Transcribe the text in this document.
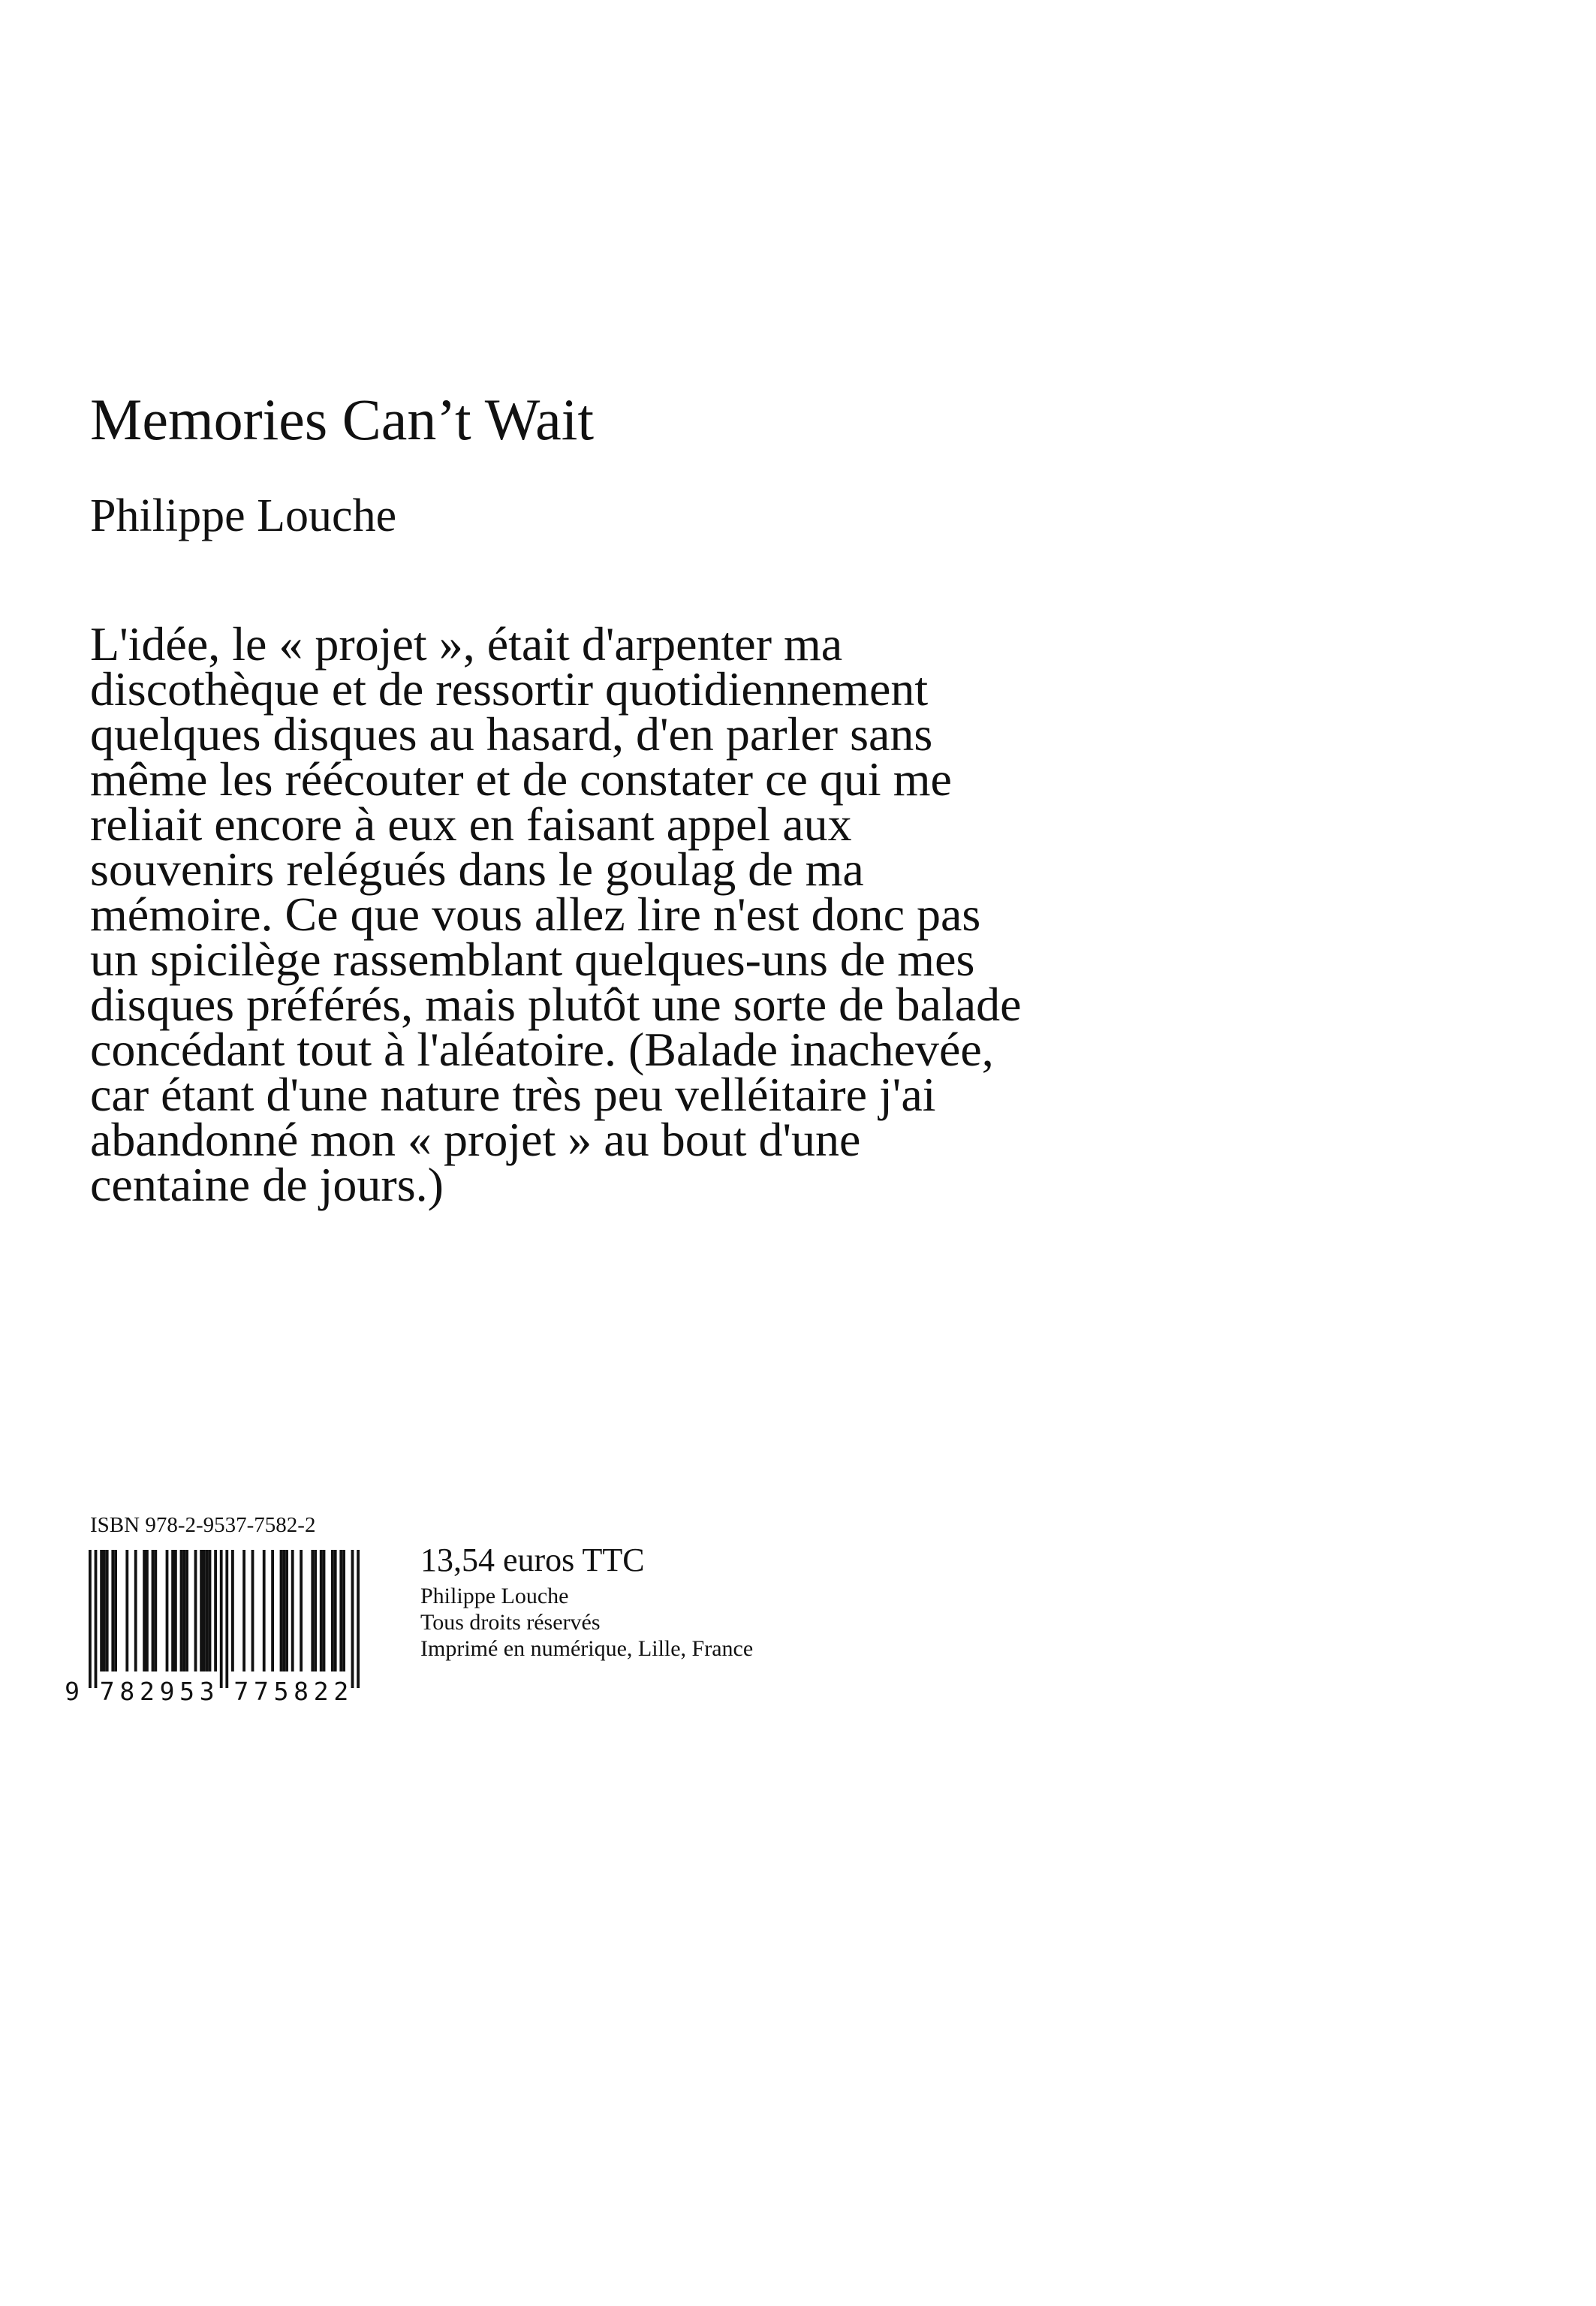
Memories Can’t Wait
Philippe Louche
L'idée, le « projet », était d'arpenter ma
discothèque et de ressortir quotidiennement
quelques disques au hasard, d'en parler sans
même les réécouter et de constater ce qui me
reliait encore à eux en faisant appel aux
souvenirs relégués dans le goulag de ma
mémoire. Ce que vous allez lire n'est donc pas
un spicilège rassemblant quelques-uns de mes
disques préférés, mais plutôt une sorte de balade
concédant tout à l'aléatoire. (Balade inachevée,
car étant d'une nature très peu velléitaire j'ai
abandonné mon « projet » au bout d'une
centaine de jours.)
ISBN 978-2-9537-7582-2
9 7 8 2 9 5 3 7 7 5 8 2 2
13,54 euros TTC
Philippe Louche
Tous droits réservés
Imprimé en numérique, Lille, France
